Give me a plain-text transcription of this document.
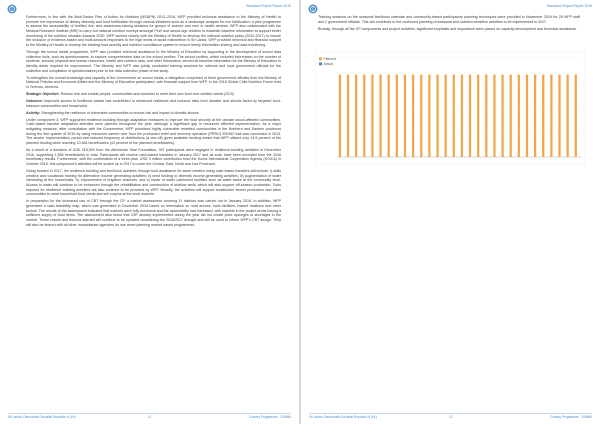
Standard Project Report 2016

Furthermore, in line with the Multi-Sector Plan of Action for Nutrition (MSAPN) 2013–2016, WFP provided technical assistance to the Ministry of Health to promote the importance of dietary diversity and food fortification through various initiatives such as a landscape analysis for rice fortification; a pilot programme to assess the acceptability of fortified rice; and awareness-raising sessions for groups of women and men in health centres. WFP also collaborated with the Medical Research Institute (MRI) to carry out national nutrition surveys amongst PLW and school-age children to establish baseline information to support better monitoring of the nutrition situation towards 2030. WFP worked closely with the Ministry of Health to develop the national nutrition policy (2010-2017) to ensure the inclusion of evidence-based and multi-sectoral responses to the high levels of acute malnutrition in Sri Lanka. WFP provided technical and financial support to the Ministry of Health to revamp the existing food security and nutrition surveillance system to ensure timely information sharing and data monitoring.

Through the school meals programme, WFP also provided technical assistance to the Ministry of Education by supporting in the development of school data collection tools, such as questionnaires, to capture comprehensive data on the school profiles. The school profiles, which included information on the number of students, schools' physical and human resources, health and nutrition data, and other information, served as baseline information for the Ministry of Education to identify areas required for improvement. The Ministry and WFP also jointly conducted training sessions for national and local government officials for the collection and compilation of questionnaires prior to the data collection phase of the study.

To strengthen the overall knowledge and capacity of the Government on school meals, a delegation comprised of three government officials from the Ministry of National Policies and Economic Affairs and the Ministry of Education participated, with financial support from WFP, in the 2016 Global Child Nutrition Forum held in Yerevan, Armenia.

Strategic Objective: Reduce risk and enable people, communities and countries to meet their own food and nutrition needs (SO3)

Outcome: Improved access to livelihood assets has contributed to enhanced resilience and reduced risks from disaster and shocks faced by targeted food-insecure communities and households

Activity: Strengthening the resilience of vulnerable communities to reduce risk and impact of climatic shocks

Under component 3, WFP supported resilience-building through adaptation measures to improve the food security at the climate shock-affected communities. Cash-based transfer adaptation activities were planned throughout the year, although a significant gap in resources affected implementation. As a major mitigating measure, after consultation with the Government, WFP prioritized highly vulnerable resettled communities in the Northern and Eastern provinces during the first quarter of 2016 by using resources carried over from the protracted relief and recovery operation (PRRO) 200452 that was concluded in 2015. The shorter implementation period and reduced frequency of distributions (a one-off) given available funding meant that WFP utilised only 14.9 percent of the planned funding while reaching 10,484 beneficiaries (43 percent of the planned beneficiaries).

As a result of a donation of USD 318,500 from the Alexkendo Total Foundation, 397 participants were engaged in resilience-building activities in December 2016, supporting 1,588 beneficiaries in total. Participants will receive cash-based transfers in January 2017 and as such have been excluded from the 2016 beneficiary results. Furthermore, with the confirmation of a three-year, USD 4 million contribution from the Korea International Cooperation Agency (KOICA) in October 2016, this component's activities will be scaled up in 2017 to cover the Central, East, North and Uva Provinces.

Going forward in 2017, the resilience-building and livelihood activities through food assistance for asset creation using cash-based transfers will include: i) skills creation and vocational training for alternative income generating activities; ii) seed funding to diversify income-generating activities; iii) augmentation of water harvesting at the households; iv) improvement of irrigation channels; and v) repair of water catchment facilities such as water tanks at the community level. Access to water will continue to be enhanced through the rehabilitation and construction of shallow wells, which will also support off-season production. Tools required for resilience building activities will also continue to be provided by WFP. Broadly, the activities will support smallholder farmer production and allow communities to meet household food needs and sell surplus at the local markets.

In preparation for the increased use of CBT through the CP, a market assessment covering 11 districts was carried out in January 2016. In addition, WFP generated a cash feasibility map, which was generated in December 2016 based on information on road access, bank facilities, market locations and other factors. The results of the assessment indicated that markets were fully functional and the accessibility had increased, with markets in the project areas having a sufficient supply of food items. The assessment also found that CBT already implemented during the year did not create price upsurges or shortages in the market. These results and lessons learned will continue to be updated considering the 2016/2017 drought and will be used to inform WFP's CBT design. They will also be shared with all other humanitarian agencies for use when planning market-based programmes.

Sri Lanka, Democratic Socialist Republic of (LK)	11	Country Programme - 200866
Standard Project Report 2016

Training sessions on the seasonal livelihood calendar and community-based participatory planning techniques were provided in November 2016 for 28 WFP staff and 2 government officials. This will contribute to the continued planning of seasonal and nutrition-sensitive activities to be implemented in 2017.

Broadly, through all the CP components and project activities, significant emphasis and importance were placed on capacity development and technical assistance.

Planned
Actual
Sri Lanka, Democratic Socialist Republic of (LK)	12	Country Programme - 200866
